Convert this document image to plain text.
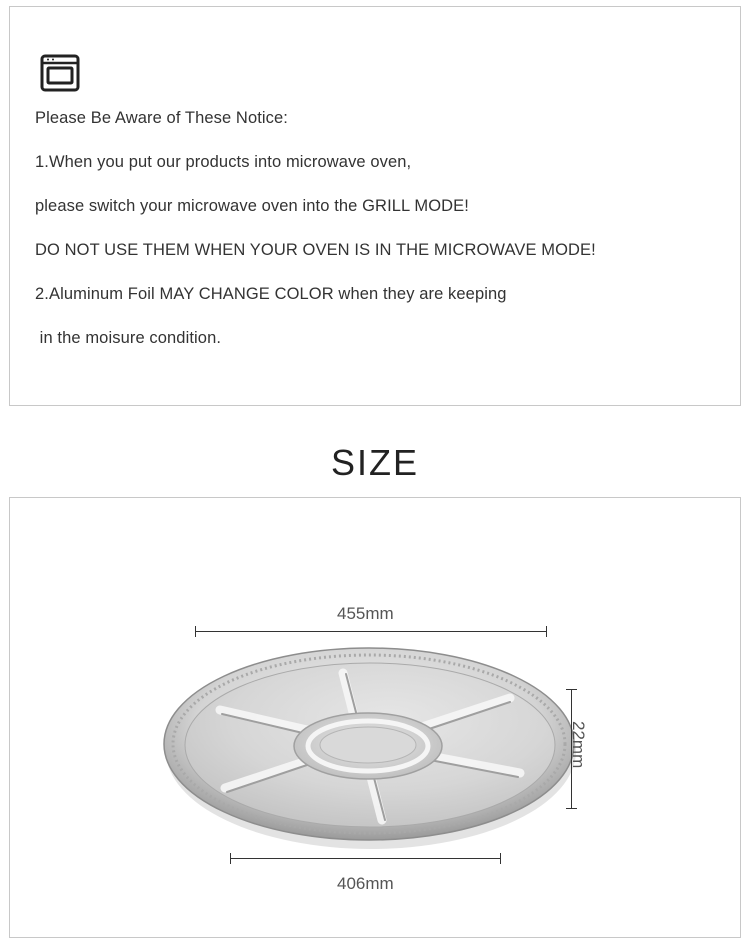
Please Be Aware of These Notice:
1.When you put our products into microwave oven,
please switch your microwave oven into the GRILL MODE!
DO NOT USE THEM WHEN YOUR OVEN IS IN THE MICROWAVE MODE!
2.Aluminum Foil MAY CHANGE COLOR when they are keeping
in the moisure condition.
SIZE
455mm
22mm
406mm
